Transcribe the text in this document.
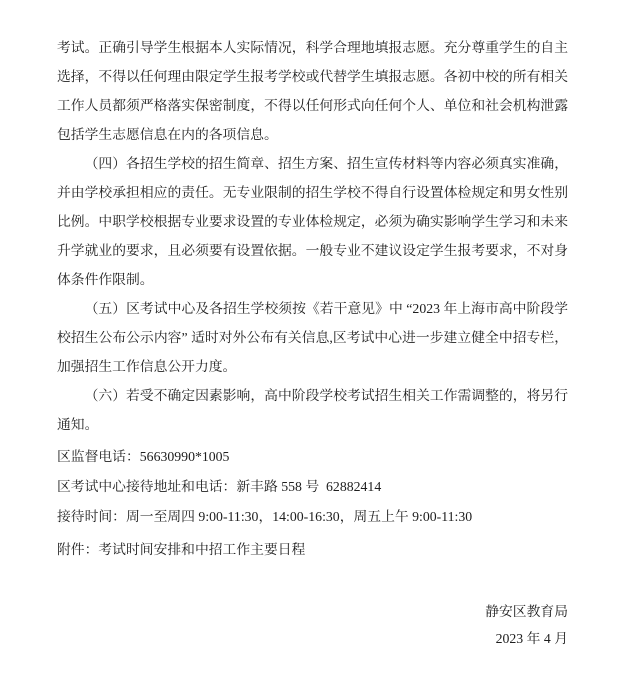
考试。正确引导学生根据本人实际情况，科学合理地填报志愿。充分尊重学生的自主选择，不得以任何理由限定学生报考学校或代替学生填报志愿。各初中校的所有相关工作人员都须严格落实保密制度，不得以任何形式向任何个人、单位和社会机构泄露包括学生志愿信息在内的各项信息。

（四）各招生学校的招生简章、招生方案、招生宣传材料等内容必须真实准确，并由学校承担相应的责任。无专业限制的招生学校不得自行设置体检规定和男女性别比例。中职学校根据专业要求设置的专业体检规定，必须为确实影响学生学习和未来升学就业的要求，且必须要有设置依据。一般专业不建议设定学生报考要求，不对身体条件作限制。

（五）区考试中心及各招生学校须按《若干意见》中 “2023 年上海市高中阶段学校招生公布公示内容” 适时对外公布有关信息,区考试中心进一步建立健全中招专栏，加强招生工作信息公开力度。

（六）若受不确定因素影响，高中阶段学校考试招生相关工作需调整的，将另行通知。

区监督电话：56630990*1005

区考试中心接待地址和电话：新丰路 558 号  62882414

接待时间：周一至周四 9:00-11:30，14:00-16:30，周五上午 9:00-11:30

附件：考试时间安排和中招工作主要日程

静安区教育局

2023 年 4 月
